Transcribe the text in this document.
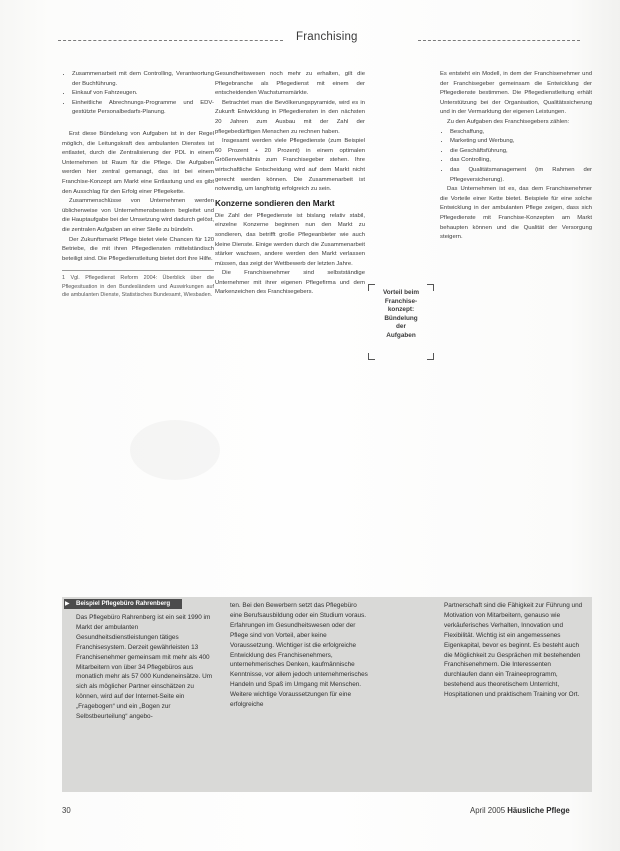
Franchising
• Zusammenarbeit mit dem Controlling, Verantwortung der Buchführung.
• Einkauf von Fahrzeugen.
• Einheitliche Abrechnungs-Programme und EDV-gestützte Personalbedarfs-Planung.

Erst diese Bündelung von Aufgaben ist in der Regel möglich, die Leitungskraft des ambulanten Dienstes ist entlastet, durch die Zentralisierung der PDL in einem Unternehmen ist Raum für die Pflege. Die Aufgaben werden hier zentral gemanagt, das ist bei einem Franchise-Konzept am Markt eine Entlastung und es gibt den Ausschlag für den Erfolg einer Pflegekette.

Zusammenschlüsse von Unternehmen werden üblicherweise von Unternehmensberatern begleitet und die Hauptaufgabe bei der Umsetzung wird dadurch gelöst, die zentralen Aufgaben an einer Stelle zu bündeln.

Der Zukunftsmarkt Pflege bietet viele Chancen für 120 Betriebe, die mit ihren Pflegediensten mittelständisch beteiligt sind. Die Pflegedienstleitung bietet dort ihre Hilfe.

1 Vgl. Pflegedienst Reform 2004: Überblick über die Pflegesituation in den Bundesländern und Auswirkungen auf die ambulanten Dienste, Statistisches Bundesamt, Wiesbaden.

Gesundheitswesen noch mehr zu erhalten, gilt die Pflegebranche als Pflegedienst mit einem der entscheidenden Wachstumsmärkte.

Betrachtet man die Bevölkerungspyramide, wird es in Zukunft Entwicklung in Pflegediensten in den nächsten 20 Jahren zum Ausbau mit der Zahl der pflegebedürftigen Menschen zu rechnen haben.

Insgesamt werden viele Pflegedienste (zum Beispiel 60 Prozent + 20 Prozent) in einem optimalen Größenverhältnis zum Franchisegeber stehen. Ihre wirtschaftliche Entscheidung wird auf dem Markt nicht gerecht werden können. Die Zusammenarbeit ist notwendig, um langfristig erfolgreich zu sein.

Konzerne sondieren den Markt

Die Zahl der Pflegedienste ist bislang relativ stabil, einzelne Konzerne beginnen nun den Markt zu sondieren, das betrifft große Pflegeanbieter wie auch kleine Dienste. Einige werden durch die Zusammenarbeit stärker wachsen, andere werden den Markt verlassen müssen, das zeigt der Wettbewerb der letzten Jahre.

Die Franchisenehmer sind selbstständige Unternehmer mit ihrer eigenen Pflegefirma und dem Markenzeichen des Franchisegebers.	Vorteil beim
Franchise-
konzept:
Bündelung
der
Aufgaben

Es entsteht ein Modell, in dem der Franchisenehmer und der Franchisegeber gemeinsam die Entwicklung der Pflegedienste bestimmen. Die Pflegedienstleitung erhält Unterstützung bei der Organisation, Qualitätssicherung und in der Vermarktung der eigenen Leistungen.

Zu den Aufgaben des Franchisegebers zählen:

• Beschaffung,
• Marketing und Werbung,
• die Geschäftsführung,
• das Controlling,
• das Qualitätsmanagement (im Rahmen der Pflegeversicherung).

Das Unternehmen ist es, das dem Franchisenehmer die Vorteile einer Kette bietet. Beispiele für eine solche Entwicklung in der ambulanten Pflege zeigen, dass sich Pflegedienste mit Franchise-Konzepten am Markt behaupten können und die Qualität der Versorgung steigern.

Beispiel Pflegebüro Rahrenberg
▶
Das Pflegebüro Rahrenberg ist ein seit 1990 im Markt der ambulanten Gesundheitsdienstleistungen tätiges Franchisesystem. Derzeit gewährleisten 13 Franchisenehmer gemeinsam mit mehr als 400 Mitarbeitern von über 34 Pflegebüros aus monatlich mehr als 57 000 Kundeneinsätze. Um sich als möglicher Partner einschätzen zu können, wird auf der Internet-Seite ein „Fragebogen“ und ein „Bogen zur Selbstbeurteilung“ angebo-
ten. Bei den Bewerbern setzt das Pflegebüro eine Berufsausbildung oder ein Studium voraus. Erfahrungen im Gesundheitswesen oder der Pflege sind von Vorteil, aber keine Voraussetzung. Wichtiger ist die erfolgreiche Entwicklung des Franchisenehmers, unternehmerisches Denken, kaufmännische Kenntnisse, vor allem jedoch unternehmerisches Handeln und Spaß im Umgang mit Menschen. Weitere wichtige Voraussetzungen für eine erfolgreiche
Partnerschaft sind die Fähigkeit zur Führung und Motivation von Mitarbeitern, genauso wie verkäuferisches Verhalten, Innovation und Flexibilität. Wichtig ist ein angemessenes Eigenkapital, bevor es beginnt. Es besteht auch die Möglichkeit zu Gesprächen mit bestehenden Franchisenehmern. Die Interessenten durchlaufen dann ein Traineeprogramm, bestehend aus theoretischem Unterricht, Hospitationen und praktischem Training vor Ort.
30	April 2005 Häusliche Pflege
